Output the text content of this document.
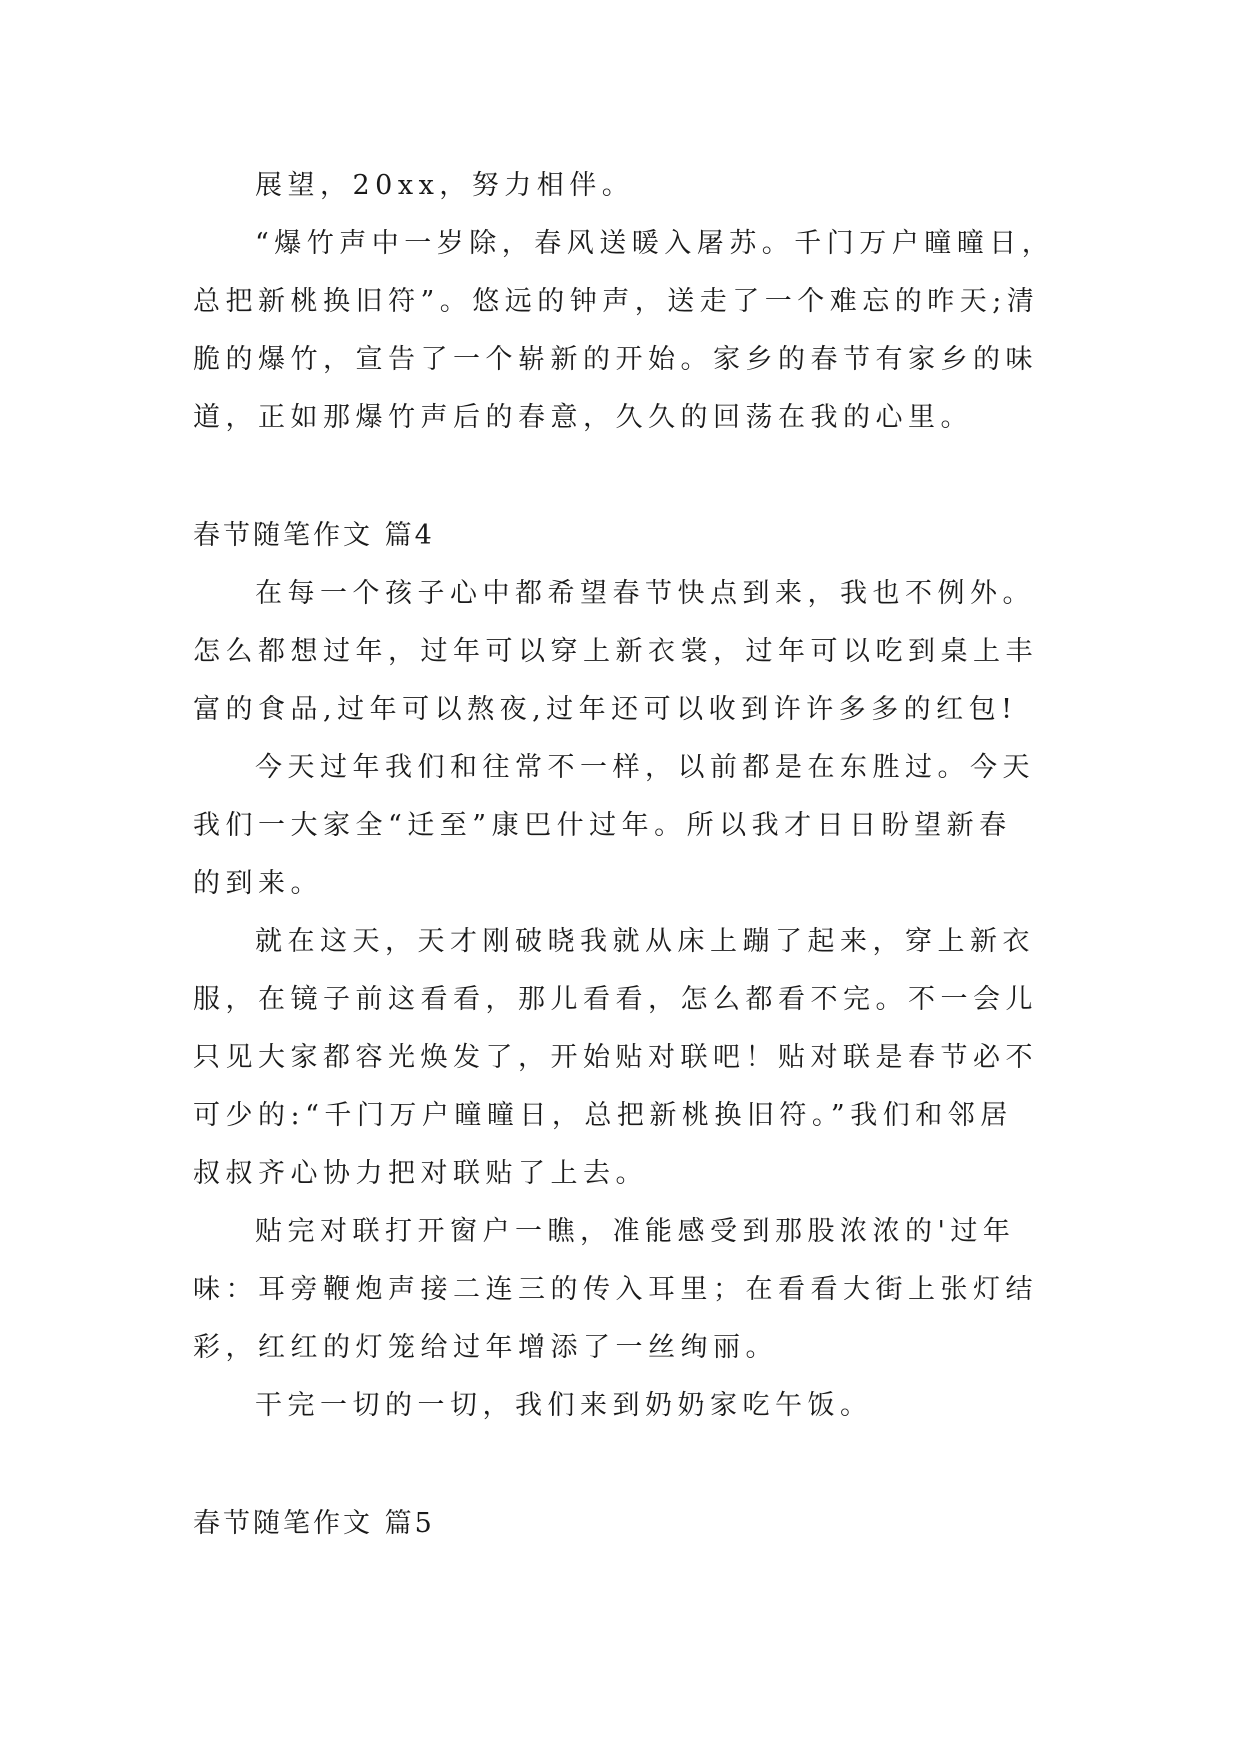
展望，20xx，努力相伴。
“爆竹声中一岁除，春风送暖入屠苏。千门万户曈曈日，
总把新桃换旧符”。悠远的钟声，送走了一个难忘的昨天;清
脆的爆竹，宣告了一个崭新的开始。家乡的春节有家乡的味
道，正如那爆竹声后的春意，久久的回荡在我的心里。
春节随笔作文 篇4
在每一个孩子心中都希望春节快点到来，我也不例外。
怎么都想过年，过年可以穿上新衣裳，过年可以吃到桌上丰
富的食品,过年可以熬夜,过年还可以收到许许多多的红包!
今天过年我们和往常不一样，以前都是在东胜过。今天
我们一大家全“迁至”康巴什过年。所以我才日日盼望新春
的到来。
就在这天，天才刚破晓我就从床上蹦了起来，穿上新衣
服，在镜子前这看看，那儿看看，怎么都看不完。不一会儿
只见大家都容光焕发了，开始贴对联吧！贴对联是春节必不
可少的:“千门万户曈曈日，总把新桃换旧符。”我们和邻居
叔叔齐心协力把对联贴了上去。
贴完对联打开窗户一瞧，准能感受到那股浓浓的'过年
味：耳旁鞭炮声接二连三的传入耳里；在看看大街上张灯结
彩，红红的灯笼给过年增添了一丝绚丽。
干完一切的一切，我们来到奶奶家吃午饭。
春节随笔作文 篇5
